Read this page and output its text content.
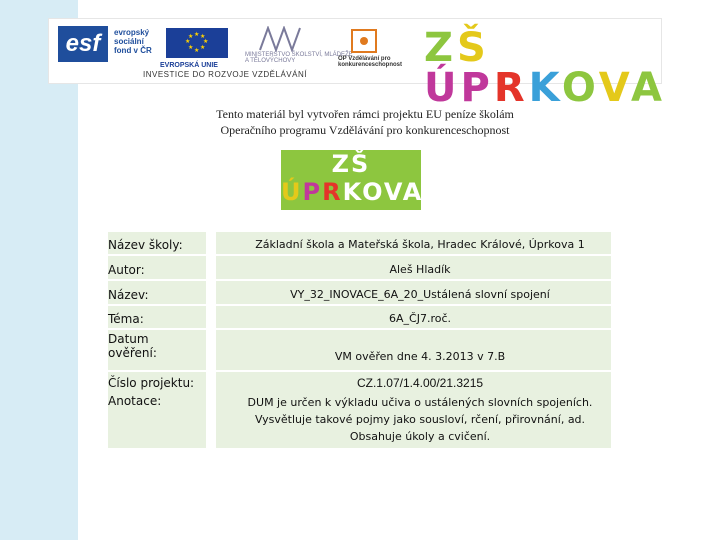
esf	evropský
sociální
fond v ČR
★ ★
★
★
★
★
★
★
EVROPSKÁ UNIE
MINISTERSTVO ŠKOLSTVÍ, MLÁDEŽE A TĚLOVÝCHOVY	OP Vzdělávání pro konkurenceschopnost
INVESTICE DO ROZVOJE VZDĚLÁVÁNÍ
ZŠ ÚPRKOVA
Tento materiál byl vytvořen rámci projektu EU peníze školám
Operačního programu Vzdělávání pro konkurenceschopnost
ZŠ ÚPRKOVA
Název školy:	Základní škola a Mateřská škola, Hradec Králové, Úprkova 1
Autor:	Aleš Hladík
Název:	VY_32_INOVACE_6A_20_Ustálená slovní spojení
Téma:	6A_ČJ7.roč.
Datum
ověření:	VM ověřen dne 4. 3.2013 v 7.B
Číslo projektu:	CZ.1.07/1.4.00/21.3215
Anotace:	DUM je určen k výkladu učiva o ustálených slovních spojeních.
Vysvětluje takové pojmy jako sousloví, rčení, přirovnání, ad.
Obsahuje úkoly a cvičení.
